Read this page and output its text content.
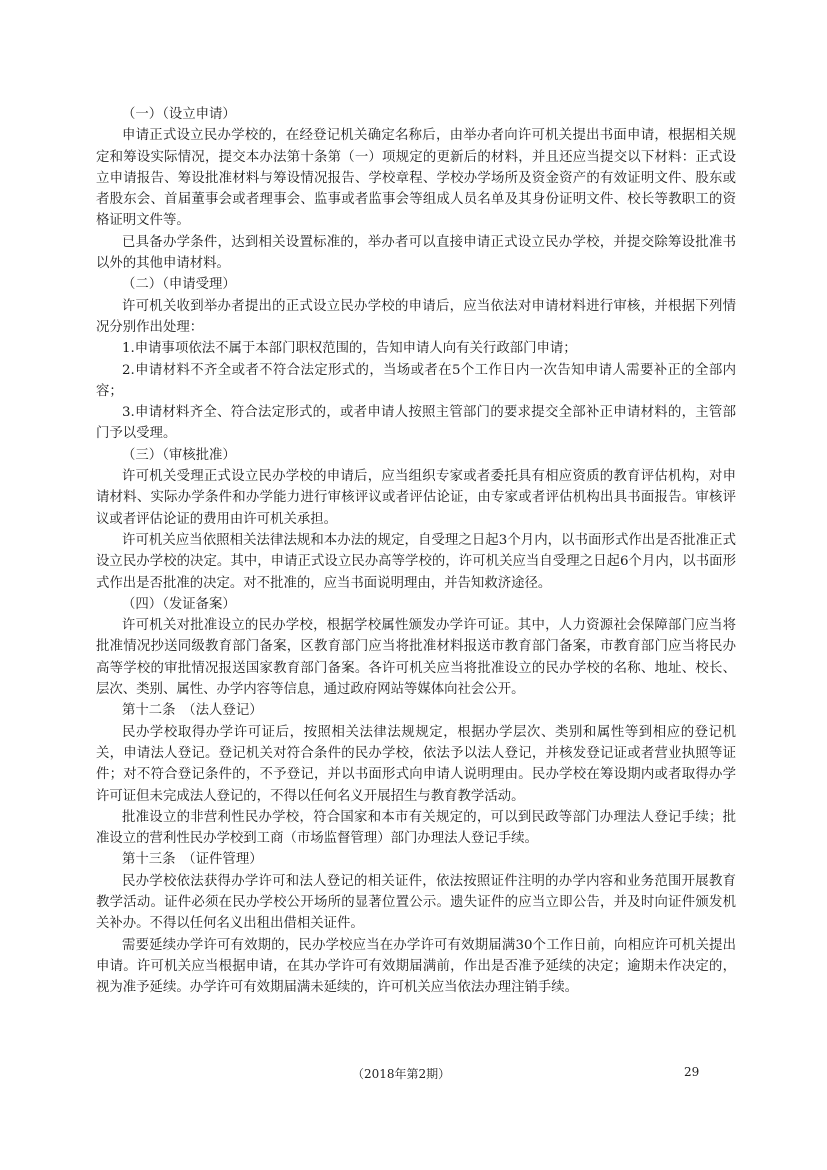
（一）（设立申请）

申请正式设立民办学校的，在经登记机关确定名称后，由举办者向许可机关提出书面申请，根据相关规定和筹设实际情况，提交本办法第十条第（一）项规定的更新后的材料，并且还应当提交以下材料：正式设立申请报告、筹设批准材料与筹设情况报告、学校章程、学校办学场所及资金资产的有效证明文件、股东或者股东会、首届董事会或者理事会、监事或者监事会等组成人员名单及其身份证明文件、校长等教职工的资格证明文件等。

已具备办学条件，达到相关设置标准的，举办者可以直接申请正式设立民办学校，并提交除筹设批准书以外的其他申请材料。

（二）（申请受理）

许可机关收到举办者提出的正式设立民办学校的申请后，应当依法对申请材料进行审核，并根据下列情况分别作出处理：

1.申请事项依法不属于本部门职权范围的，告知申请人向有关行政部门申请；

2.申请材料不齐全或者不符合法定形式的，当场或者在5个工作日内一次告知申请人需要补正的全部内容；

3.申请材料齐全、符合法定形式的，或者申请人按照主管部门的要求提交全部补正申请材料的，主管部门予以受理。

（三）（审核批准）

许可机关受理正式设立民办学校的申请后，应当组织专家或者委托具有相应资质的教育评估机构，对申请材料、实际办学条件和办学能力进行审核评议或者评估论证，由专家或者评估机构出具书面报告。审核评议或者评估论证的费用由许可机关承担。

许可机关应当依照相关法律法规和本办法的规定，自受理之日起3个月内，以书面形式作出是否批准正式设立民办学校的决定。其中，申请正式设立民办高等学校的，许可机关应当自受理之日起6个月内，以书面形式作出是否批准的决定。对不批准的，应当书面说明理由，并告知救济途径。

（四）（发证备案）

许可机关对批准设立的民办学校，根据学校属性颁发办学许可证。其中，人力资源社会保障部门应当将批准情况抄送同级教育部门备案，区教育部门应当将批准材料报送市教育部门备案，市教育部门应当将民办高等学校的审批情况报送国家教育部门备案。各许可机关应当将批准设立的民办学校的名称、地址、校长、层次、类别、属性、办学内容等信息，通过政府网站等媒体向社会公开。

第十二条　（法人登记）

民办学校取得办学许可证后，按照相关法律法规规定，根据办学层次、类别和属性等到相应的登记机关，申请法人登记。登记机关对符合条件的民办学校，依法予以法人登记，并核发登记证或者营业执照等证件；对不符合登记条件的，不予登记，并以书面形式向申请人说明理由。民办学校在筹设期内或者取得办学许可证但未完成法人登记的，不得以任何名义开展招生与教育教学活动。

批准设立的非营利性民办学校，符合国家和本市有关规定的，可以到民政等部门办理法人登记手续；批准设立的营利性民办学校到工商（市场监督管理）部门办理法人登记手续。

第十三条　（证件管理）

民办学校依法获得办学许可和法人登记的相关证件，依法按照证件注明的办学内容和业务范围开展教育教学活动。证件必须在民办学校公开场所的显著位置公示。遗失证件的应当立即公告，并及时向证件颁发机关补办。不得以任何名义出租出借相关证件。

需要延续办学许可有效期的，民办学校应当在办学许可有效期届满30个工作日前，向相应许可机关提出申请。许可机关应当根据申请，在其办学许可有效期届满前，作出是否准予延续的决定；逾期未作决定的，视为准予延续。办学许可有效期届满未延续的，许可机关应当依法办理注销手续。

（2018年第2期）	29
